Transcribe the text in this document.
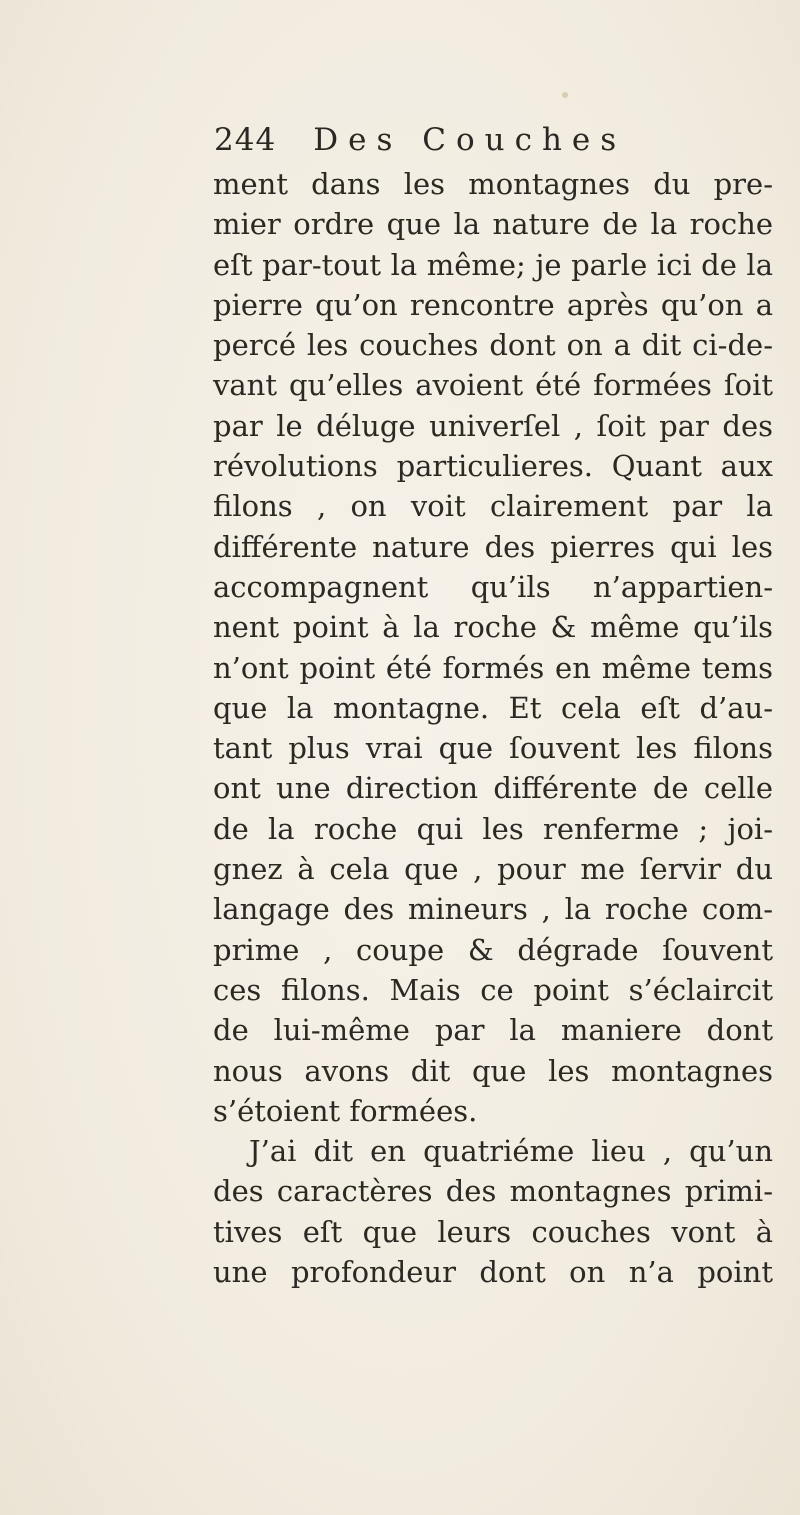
244 Des Couches
ment dans les montagnes du pre-
mier ordre que la nature de la roche
eſt par-tout la même; je parle ici de la
pierre qu’on rencontre après qu’on a
percé les couches dont on a dit ci-de-
vant qu’elles avoient été formées ſoit
par le déluge univerſel , ſoit par des
révolutions particulieres. Quant aux
filons , on voit clairement par la
différente nature des pierres qui les
accompagnent qu’ils n’appartien-
nent point à la roche & même qu’ils
n’ont point été formés en même tems
que la montagne. Et cela eſt d’au-
tant plus vrai que ſouvent les filons
ont une direction différente de celle
de la roche qui les renferme ; joi-
gnez à cela que , pour me ſervir du
langage des mineurs , la roche com-
prime , coupe & dégrade ſouvent
ces filons. Mais ce point s’éclaircit
de lui-même par la maniere dont
nous avons dit que les montagnes
s’étoient formées.
J’ai dit en quatriéme lieu , qu’un
des caractères des montagnes primi-
tives eſt que leurs couches vont à
une profondeur dont on n’a point
